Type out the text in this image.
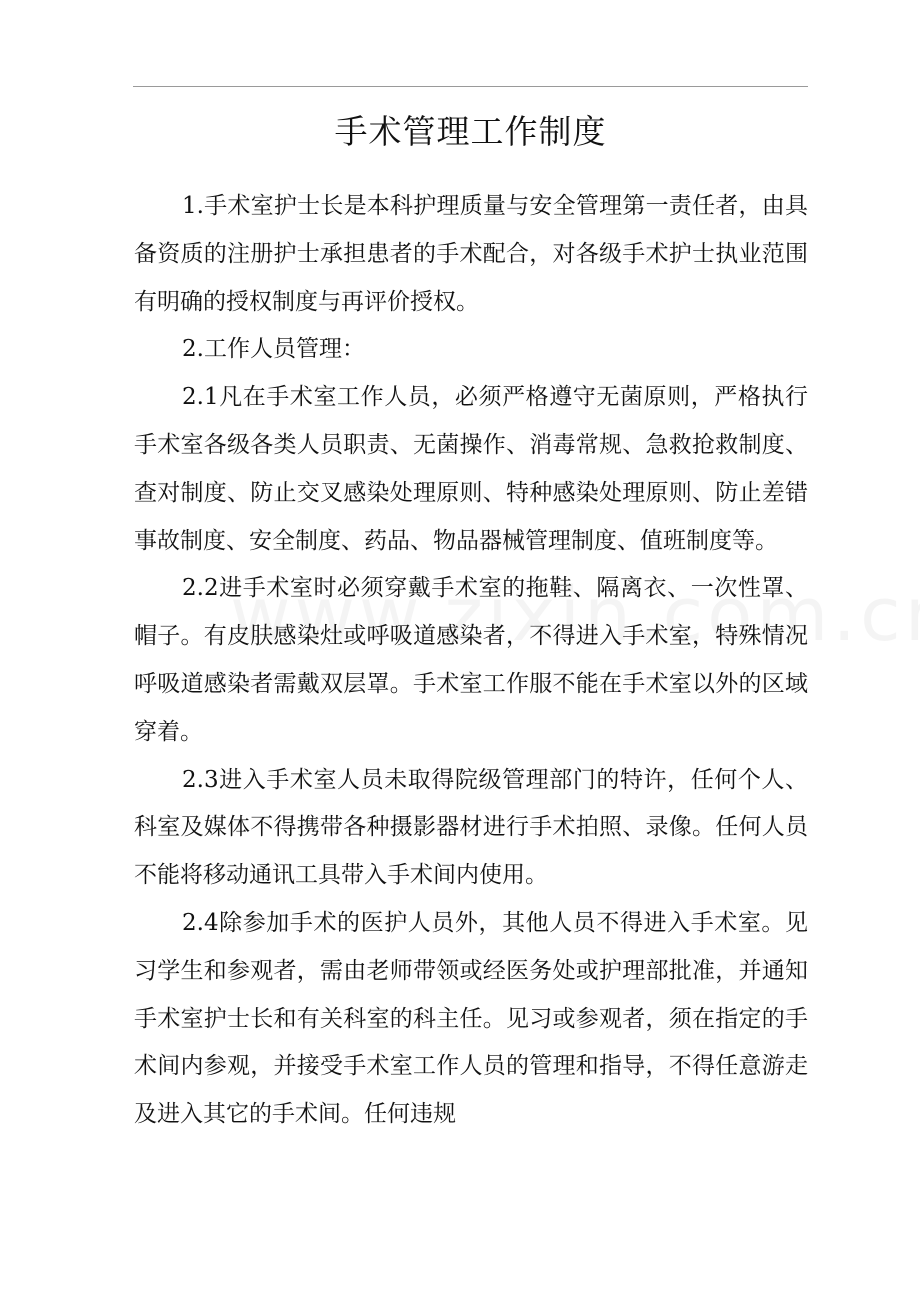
手术管理工作制度

1.手术室护士长是本科护理质量与安全管理第一责任者，由具备资质的注册护士承担患者的手术配合，对各级手术护士执业范围有明确的授权制度与再评价授权。

2.工作人员管理：

2.1凡在手术室工作人员，必须严格遵守无菌原则，严格执行手术室各级各类人员职责、无菌操作、消毒常规、急救抢救制度、查对制度、防止交叉感染处理原则、特种感染处理原则、防止差错事故制度、安全制度、药品、物品器械管理制度、值班制度等。

2.2进手术室时必须穿戴手术室的拖鞋、隔离衣、一次性罩、帽子。有皮肤感染灶或呼吸道感染者，不得进入手术室，特殊情况呼吸道感染者需戴双层罩。手术室工作服不能在手术室以外的区域穿着。

2.3进入手术室人员未取得院级管理部门的特许，任何个人、科室及媒体不得携带各种摄影器材进行手术拍照、录像。任何人员不能将移动通讯工具带入手术间内使用。

2.4除参加手术的医护人员外，其他人员不得进入手术室。见习学生和参观者，需由老师带领或经医务处或护理部批准，并通知手术室护士长和有关科室的科主任。见习或参观者，须在指定的手术间内参观，并接受手术室工作人员的管理和指导，不得任意游走及进入其它的手术间。任何违规
